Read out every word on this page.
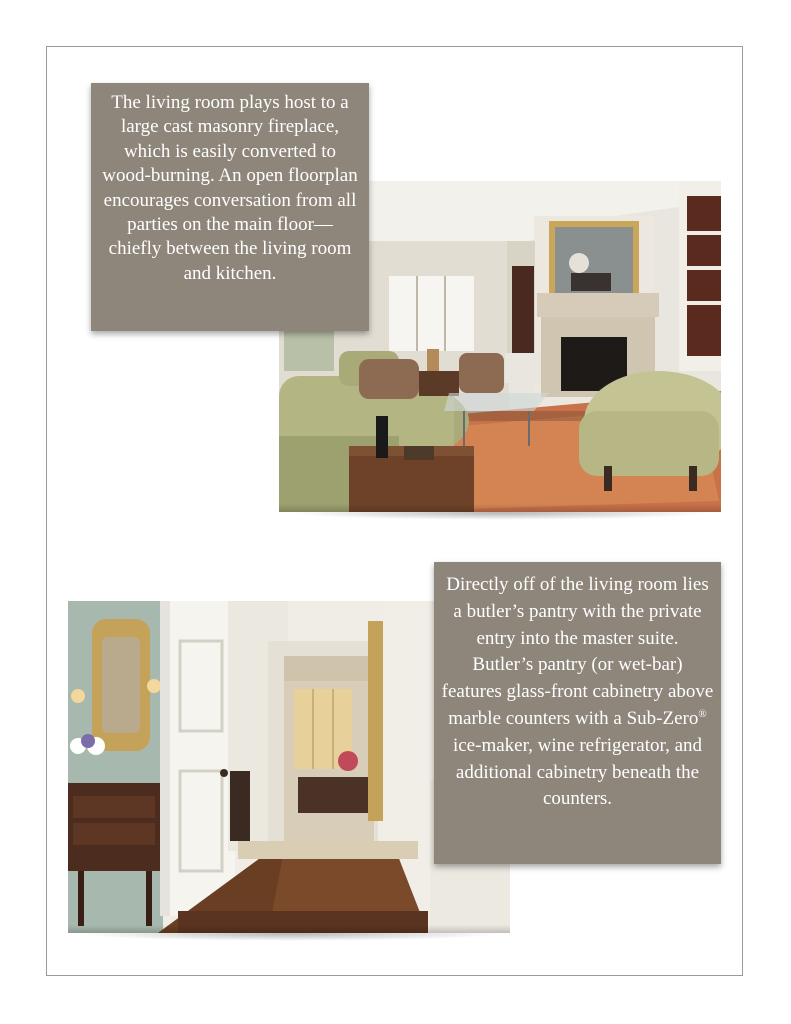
The living room plays host to a large cast masonry fireplace, which is easily converted to wood-burning. An open floorplan encourages conversation from all parties on the main floor— chiefly between the living room and kitchen.

Directly off of the living room lies a butler’s pantry with the private entry into the master suite.

Butler’s pantry (or wet-bar) features glass-front cabinetry above marble counters with a Sub-Zero® ice-maker, wine refrigerator, and additional cabinetry beneath the counters.
